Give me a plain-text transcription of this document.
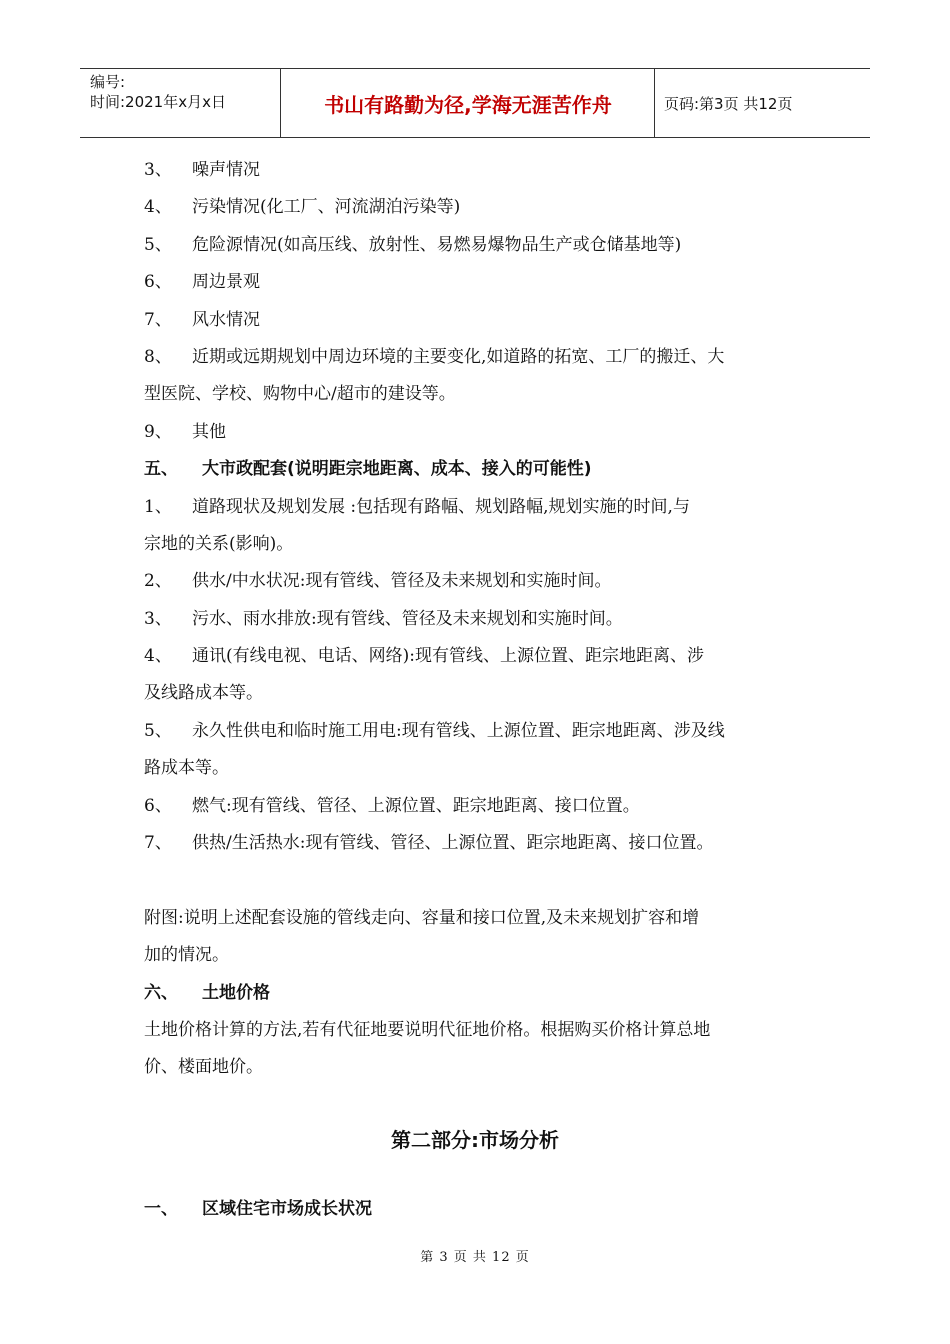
编号:
时间:2021年x月x日	书山有路勤为径,学海无涯苦作舟	页码:第3页 共12页
3、 噪声情况
4、 污染情况(化工厂、河流湖泊污染等)
5、 危险源情况(如高压线、放射性、易燃易爆物品生产或仓储基地等)
6、 周边景观
7、 风水情况
8、 近期或远期规划中周边环境的主要变化,如道路的拓宽、工厂的搬迁、大
型医院、学校、购物中心/超市的建设等。
9、 其他
五、 大市政配套(说明距宗地距离、成本、接入的可能性)
1、 道路现状及规划发展 :包括现有路幅、规划路幅,规划实施的时间,与
宗地的关系(影响)。
2、 供水/中水状况:现有管线、管径及未来规划和实施时间。
3、 污水、雨水排放:现有管线、管径及未来规划和实施时间。
4、 通讯(有线电视、电话、网络):现有管线、上源位置、距宗地距离、涉
及线路成本等。
5、 永久性供电和临时施工用电:现有管线、上源位置、距宗地距离、涉及线
路成本等。
6、 燃气:现有管线、管径、上源位置、距宗地距离、接口位置。
7、 供热/生活热水:现有管线、管径、上源位置、距宗地距离、接口位置。
附图:说明上述配套设施的管线走向、容量和接口位置,及未来规划扩容和增
加的情况。
六、 土地价格
土地价格计算的方法,若有代征地要说明代征地价格。根据购买价格计算总地
价、楼面地价。
第二部分:市场分析
一、 区域住宅市场成长状况
第 3 页 共 12 页
